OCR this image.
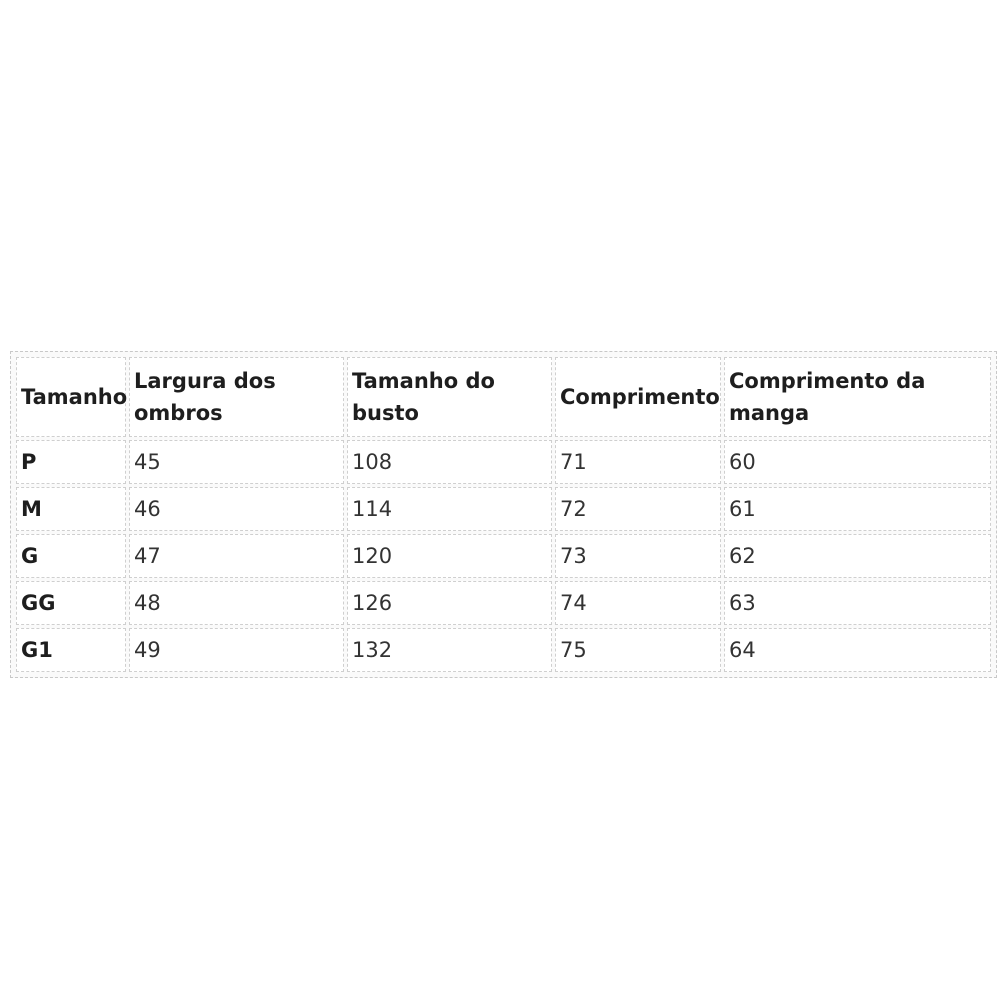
Tamanho	Largura dos ombros	Tamanho do busto	Comprimento	Comprimento da manga
P	45	108	71	60
M	46	114	72	61
G	47	120	73	62
GG	48	126	74	63
G1	49	132	75	64
